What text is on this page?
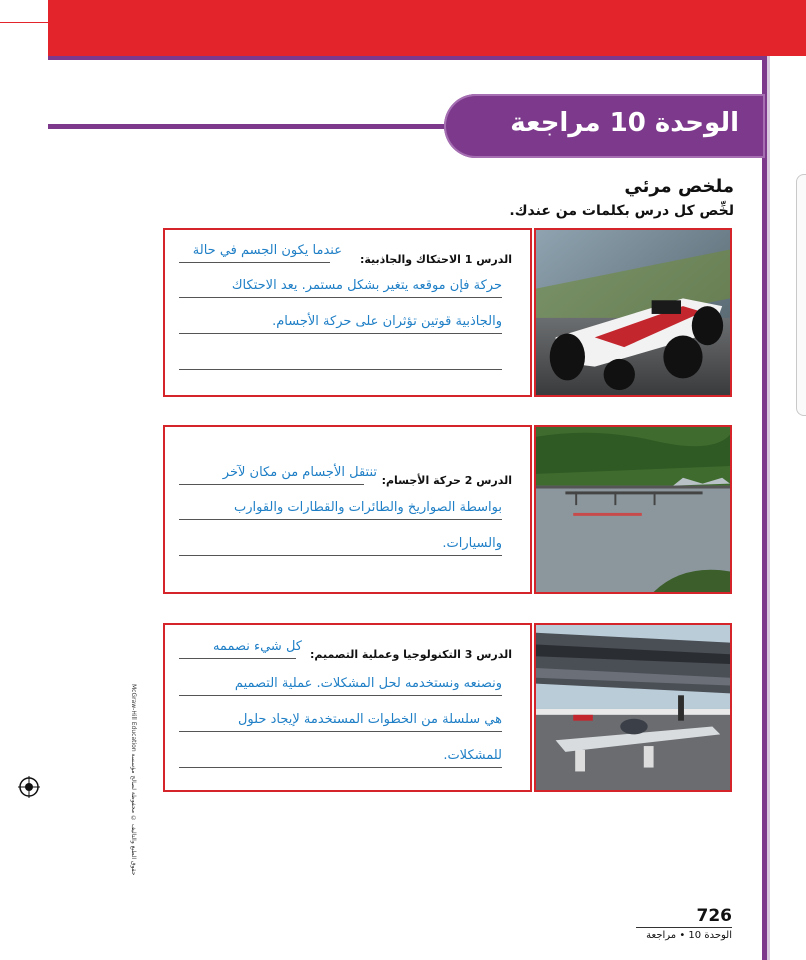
الوحدة 10 مراجعة
ملخص مرئي
لخِّص كل درس بكلمات من عندك.
الدرس 1 الاحتكاك والجاذبية:
عندما يكون الجسم في حالة
حركة فإن موقعه يتغير بشكل مستمر. يعد الاحتكاك
والجاذبية قوتين تؤثران على حركة الأجسام.
الدرس 2 حركة الأجسام:
تنتقل الأجسام من مكان لآخر
بواسطة الصواريخ والطائرات والقطارات والقوارب
والسيارات.
الدرس 3 التكنولوجيا وعملية التصميم:
كل شيء نصممه
ونصنعه ونستخدمه لحل المشكلات. عملية التصميم
هي سلسلة من الخطوات المستخدمة لإيجاد حلول
للمشكلات.
McGraw-Hill Education حقوق الطبع والتأليف © محفوظة لصالح مؤسسة
726
الوحدة 10 • مراجعة
